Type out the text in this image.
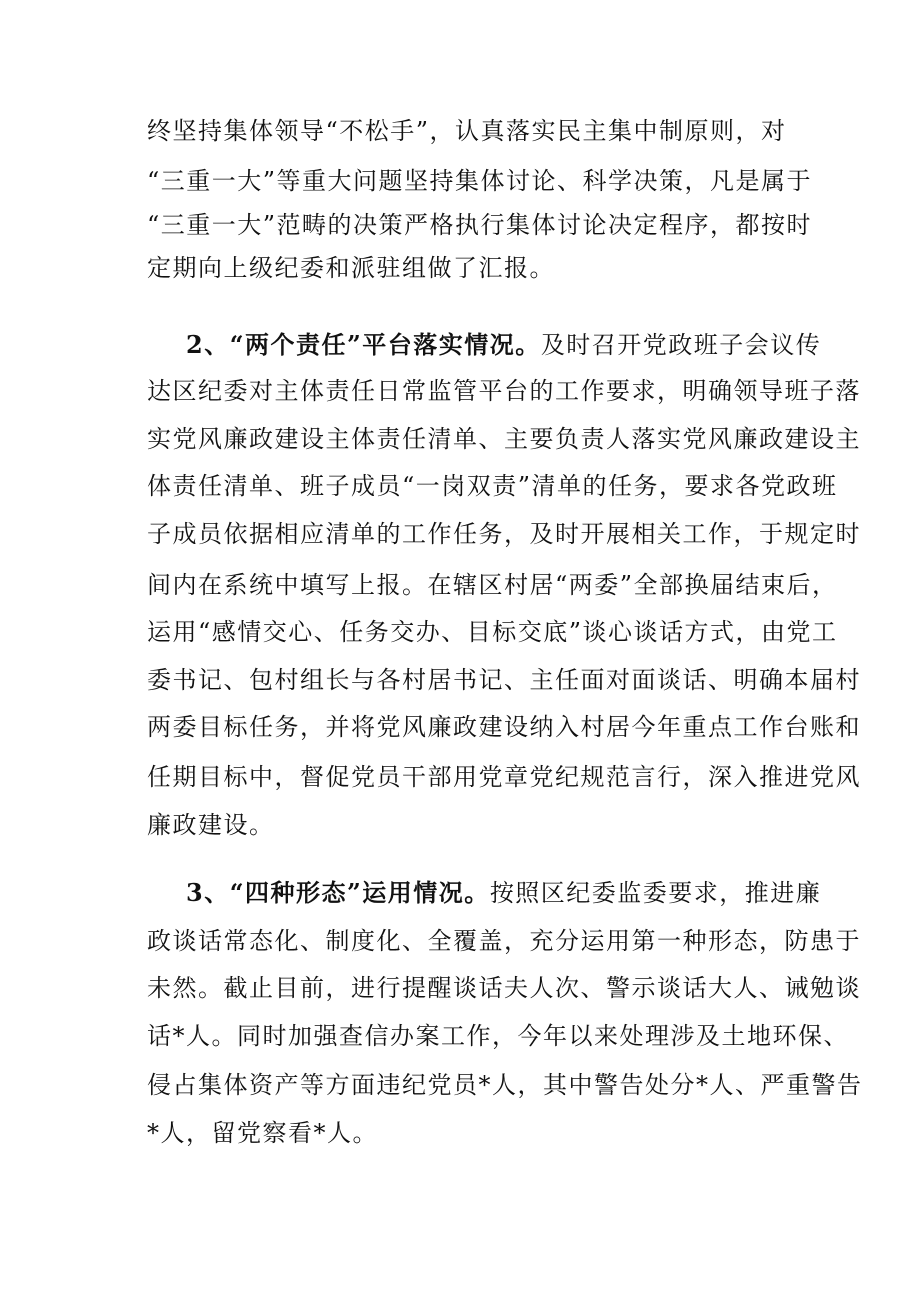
终坚持集体领导“不松手”，认真落实民主集中制原则，对
“三重一大”等重大问题坚持集体讨论、科学决策，凡是属于
“三重一大”范畴的决策严格执行集体讨论决定程序，都按时
定期向上级纪委和派驻组做了汇报。
2、“两个责任”平台落实情况。及时召开党政班子会议传
达区纪委对主体责任日常监管平台的工作要求，明确领导班子落
实党风廉政建设主体责任清单、主要负责人落实党风廉政建设主
体责任清单、班子成员“一岗双责”清单的任务，要求各党政班
子成员依据相应清单的工作任务，及时开展相关工作，于规定时
间内在系统中填写上报。在辖区村居“两委”全部换届结束后，
运用“感情交心、任务交办、目标交底”谈心谈话方式，由党工
委书记、包村组长与各村居书记、主任面对面谈话、明确本届村
两委目标任务，并将党风廉政建设纳入村居今年重点工作台账和
任期目标中，督促党员干部用党章党纪规范言行，深入推进党风
廉政建设。
3、“四种形态”运用情况。按照区纪委监委要求，推进廉
政谈话常态化、制度化、全覆盖，充分运用第一种形态，防患于
未然。截止目前，进行提醒谈话夫人次、警示谈话大人、诫勉谈
话*人。同时加强查信办案工作，今年以来处理涉及土地环保、
侵占集体资产等方面违纪党员*人，其中警告处分*人、严重警告
*人，留党察看*人。
